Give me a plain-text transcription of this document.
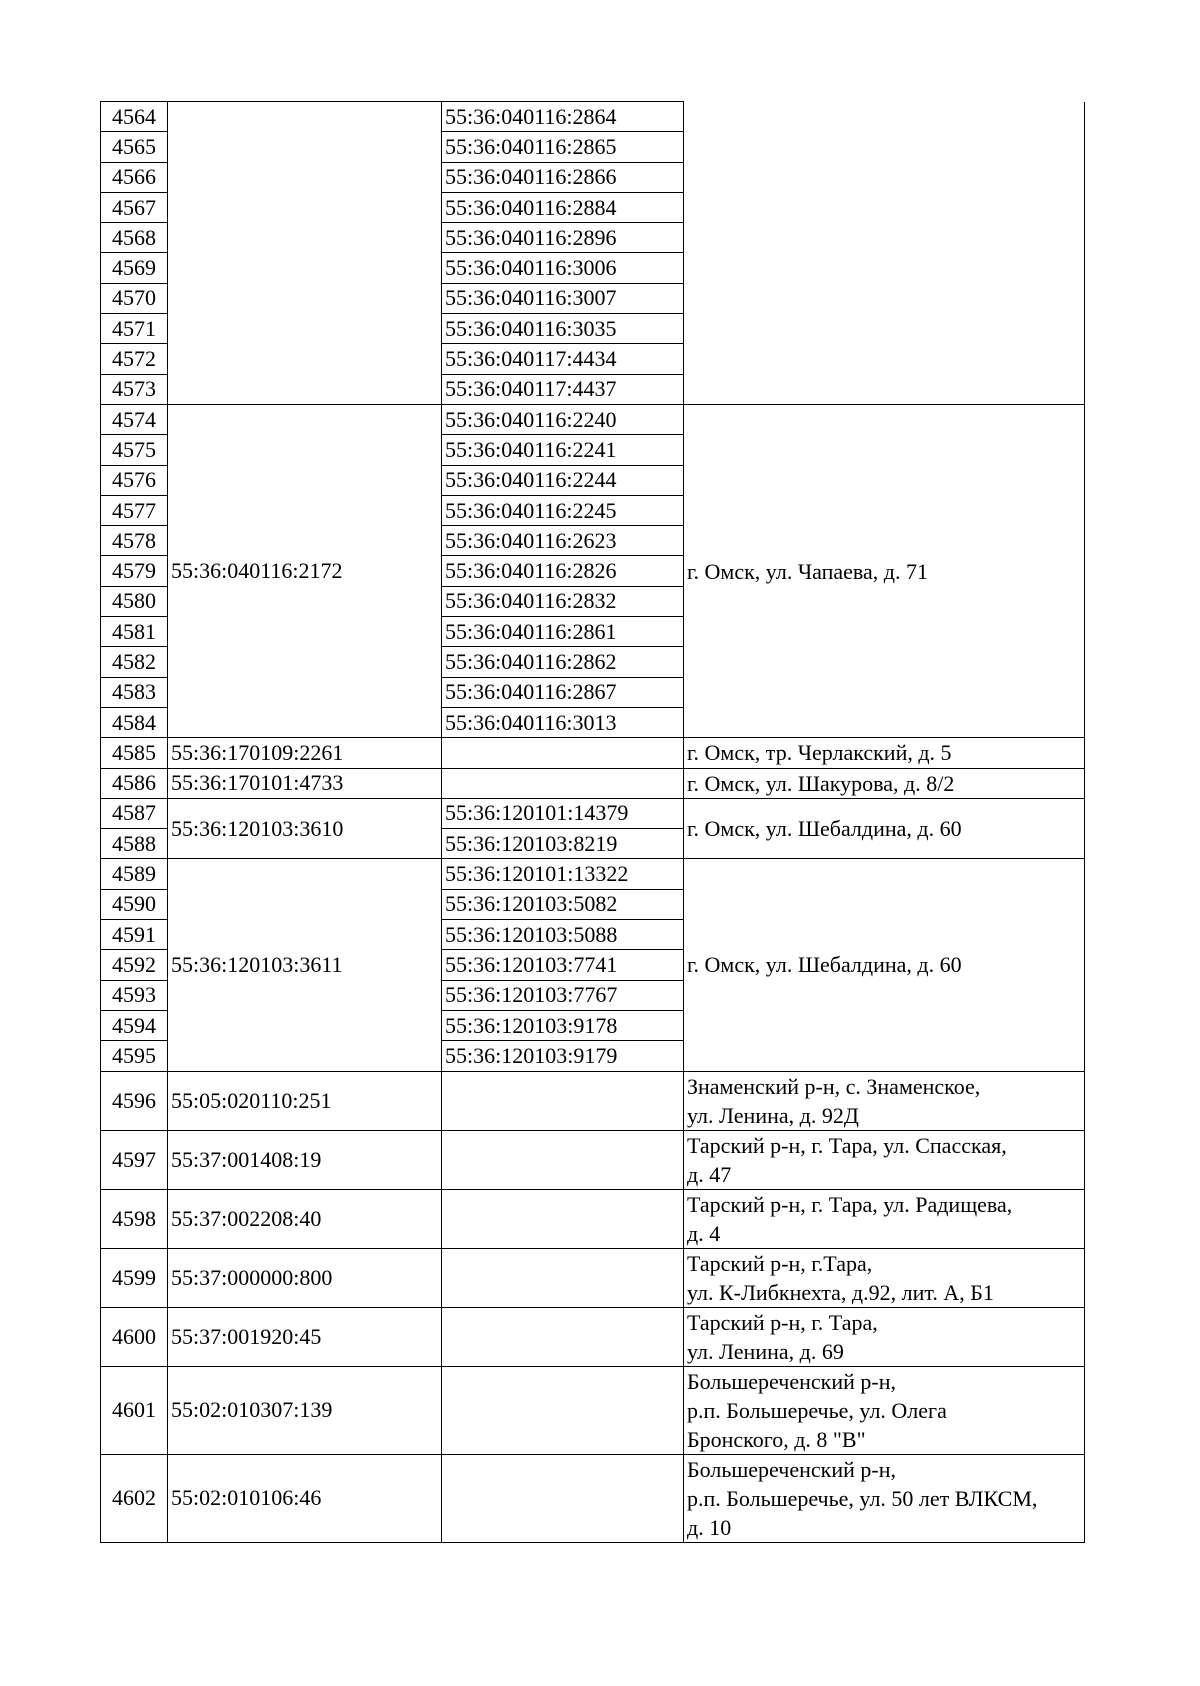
4564		55:36:040116:2864	
4565		55:36:040116:2865	
4566		55:36:040116:2866	
4567		55:36:040116:2884	
4568		55:36:040116:2896	
4569		55:36:040116:3006	
4570		55:36:040116:3007	
4571		55:36:040116:3035	
4572		55:36:040117:4434	
4573		55:36:040117:4437	
4574	55:36:040116:2172	55:36:040116:2240	г. Омск, ул. Чапаева, д. 71
4575		55:36:040116:2241	
4576		55:36:040116:2244	
4577		55:36:040116:2245	
4578		55:36:040116:2623	
4579		55:36:040116:2826	
4580		55:36:040116:2832	
4581		55:36:040116:2861	
4582		55:36:040116:2862	
4583		55:36:040116:2867	
4584		55:36:040116:3013	
4585	55:36:170109:2261		г. Омск, тр. Черлакский, д. 5
4586	55:36:170101:4733		г. Омск, ул. Шакурова, д. 8/2
4587	55:36:120103:3610	55:36:120101:14379	г. Омск, ул. Шебалдина, д. 60
4588		55:36:120103:8219	
4589	55:36:120103:3611	55:36:120101:13322	г. Омск, ул. Шебалдина, д. 60
4590		55:36:120103:5082	
4591		55:36:120103:5088	
4592		55:36:120103:7741	
4593		55:36:120103:7767	
4594		55:36:120103:9178	
4595		55:36:120103:9179	
4596	55:05:020110:251		Знаменский р-н, с. Знаменское,
ул. Ленина, д. 92Д

4597	55:37:001408:19		Тарский р-н, г. Тара, ул. Спасская,
д. 47

4598	55:37:002208:40		Тарский р-н, г. Тара, ул. Радищева,
д. 4

4599	55:37:000000:800		Тарский р-н, г.Тара,
ул. К-Либкнехта, д.92, лит. А, Б1

4600	55:37:001920:45		Тарский р-н, г. Тара,
ул. Ленина, д. 69

4601	55:02:010307:139		Большереченский р-н,
р.п. Большеречье, ул. Олега
Бронского, д. 8 "В"

4602	55:02:010106:46		Большереченский р-н,
р.п. Большеречье, ул. 50 лет ВЛКСМ,
д. 10
